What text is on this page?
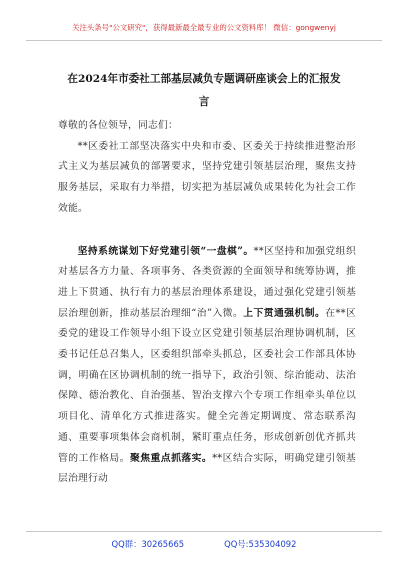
关注头条号"公文研究"，获得最新最全最专业的公文资料库！ 微信：gongwenyj
在2024年市委社工部基层减负专题调研座谈会上的汇报发
言

尊敬的各位领导，同志们：

**区委社工部坚决落实中央和市委、区委关于持续推进整治形式主义为基层减负的部署要求，坚持党建引领基层治理，聚焦支持服务基层，采取有力举措，切实把为基层减负成果转化为社会工作效能。

坚持系统谋划下好党建引领“一盘棋”。**区坚持和加强党组织对基层各方力量、各项事务、各类资源的全面领导和统筹协调，推进上下贯通、执行有力的基层治理体系建设，通过强化党建引领基层治理创新，推动基层治理细“治”入微。上下贯通强机制。在**区委党的建设工作领导小组下设立区党建引领基层治理协调机制，区委书记任总召集人，区委组织部牵头抓总，区委社会工作部具体协调，明确在区协调机制的统一指导下，政治引领、综治能动、法治保障、德治教化、自治强基、智治支撑六个专项工作组牵头单位以项目化、清单化方式推进落实。健全完善定期调度、常态联系沟通、重要事项集体会商机制，紧盯重点任务，形成创新创优齐抓共管的工作格局。聚焦重点抓落实。**区结合实际，明确党建引领基层治理行动

QQ群：30265665	QQ号:535304092
